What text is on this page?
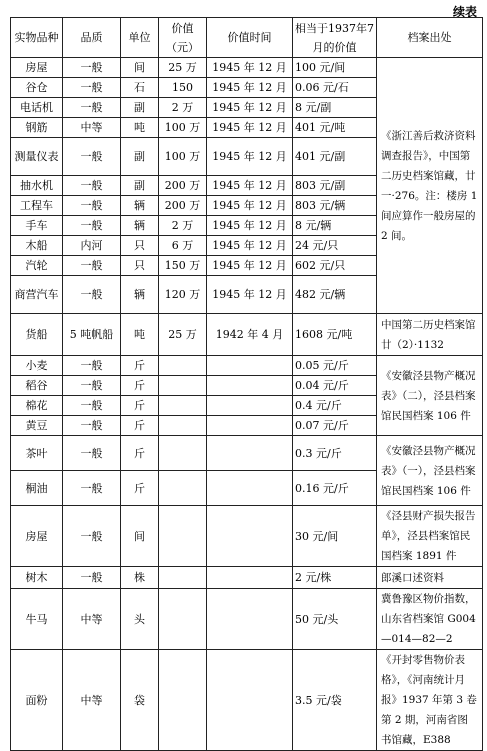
续表
实物品种	品质	单位	价值（元）	价值时间	相当于1937年7月的价值	档案出处
房屋	一般	间	25 万	1945 年 12 月	100 元/间	《浙江善后救济资料调查报告》，中国第二历史档案馆藏，廿一·276。注：楼房 1 间应算作一般房屋的 2 间。
谷仓	一般	石	150	1945 年 12 月	0.06 元/石	
电话机	一般	副	2 万	1945 年 12 月	8 元/副	
钢筋	中等	吨	100 万	1945 年 12 月	401 元/吨	
测量仪表	一般	副	100 万	1945 年 12 月	401 元/副	
抽水机	一般	副	200 万	1945 年 12 月	803 元/副	
工程车	一般	辆	200 万	1945 年 12 月	803 元/辆	
手车	一般	辆	2 万	1945 年 12 月	8 元/辆	
木船	内河	只	6 万	1945 年 12 月	24 元/只	
汽轮	一般	只	150 万	1945 年 12 月	602 元/只	
商营汽车	一般	辆	120 万	1945 年 12 月	482 元/辆	
货船	5 吨帆船	吨	25 万	1942 年 4 月	1608 元/吨	中国第二历史档案馆廿（2）·1132
小麦	一般	斤			0.05 元/斤	《安徽泾县物产概况表》（二），泾县档案馆民国档案 106 件
稻谷	一般	斤			0.04 元/斤	
棉花	一般	斤			0.4 元/斤	
黄豆	一般	斤			0.07 元/斤	
茶叶	一般	斤			0.3 元/斤	《安徽泾县物产概况表》（一），泾县档案馆民国档案 106 件
桐油	一般	斤			0.16 元/斤	
房屋	一般	间			30 元/间	《泾县财产损失报告单》，泾县档案馆民国档案 1891 件
树木	一般	株			2 元/株	郎溪口述资料
牛马	中等	头			50 元/头	冀鲁豫区物价指数，山东省档案馆 G004—014—82—2
面粉	中等	袋			3.5 元/袋	《开封零售物价表格》，《河南统计月报》1937 年第 3 卷第 2 期，河南省图书馆藏，E388
